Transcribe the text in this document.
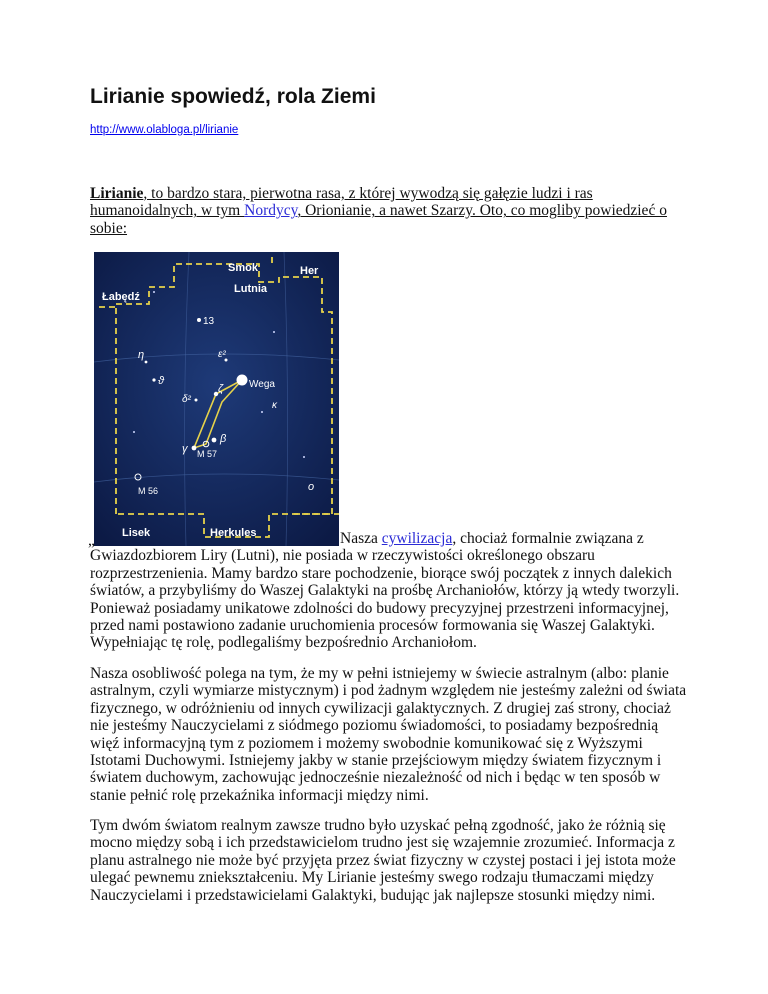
Lirianie spowiedź, rola Ziemi
http://www.olabloga.pl/lirianie

Lirianie, to bardzo stara, pierwotna rasa, z której wywodzą się gałęzie ludzi i ras humanoidalnych, w tym Nordycy, Orionianie, a nawet Szarzy. Oto, co mogliby powiedzieć o sobie:

Smok	Her
Łabędź
Lutnia
13
η
ϑ
ε²
ζ	Wega
δ²
κ
γ
β
M 57
M 56	o
Lisek	Herkules

„	Nasza cywilizacja, chociaż formalnie związana z Gwiazdozbiorem Liry (Lutni), nie posiada w rzeczywistości określonego obszaru rozprzestrzenienia. Mamy bardzo stare pochodzenie, biorące swój początek z innych dalekich światów, a przybyliśmy do Waszej Galaktyki na prośbę Archaniołów, którzy ją wtedy tworzyli. Ponieważ posiadamy unikatowe zdolności do budowy precyzyjnej przestrzeni informacyjnej, przed nami postawiono zadanie uruchomienia procesów formowania się Waszej Galaktyki. Wypełniając tę rolę, podlegaliśmy bezpośrednio Archaniołom.

Nasza osobliwość polega na tym, że my w pełni istniejemy w świecie astralnym (albo: planie astralnym, czyli wymiarze mistycznym) i pod żadnym względem nie jesteśmy zależni od świata fizycznego, w odróżnieniu od innych cywilizacji galaktycznych. Z drugiej zaś strony, chociaż nie jesteśmy Nauczycielami z siódmego poziomu świadomości, to posiadamy bezpośrednią więź informacyjną tym z poziomem i możemy swobodnie komunikować się z Wyższymi Istotami Duchowymi. Istniejemy jakby w stanie przejściowym między światem fizycznym i światem duchowym, zachowując jednocześnie niezależność od nich i będąc w ten sposób w stanie pełnić rolę przekaźnika informacji między nimi.

Tym dwóm światom realnym zawsze trudno było uzyskać pełną zgodność, jako że różnią się mocno między sobą i ich przedstawicielom trudno jest się wzajemnie zrozumieć. Informacja z planu astralnego nie może być przyjęta przez świat fizyczny w czystej postaci i jej istota może ulegać pewnemu zniekształceniu. My Lirianie jesteśmy swego rodzaju tłumaczami między Nauczycielami i przedstawicielami Galaktyki, budując jak najlepsze stosunki między nimi.
